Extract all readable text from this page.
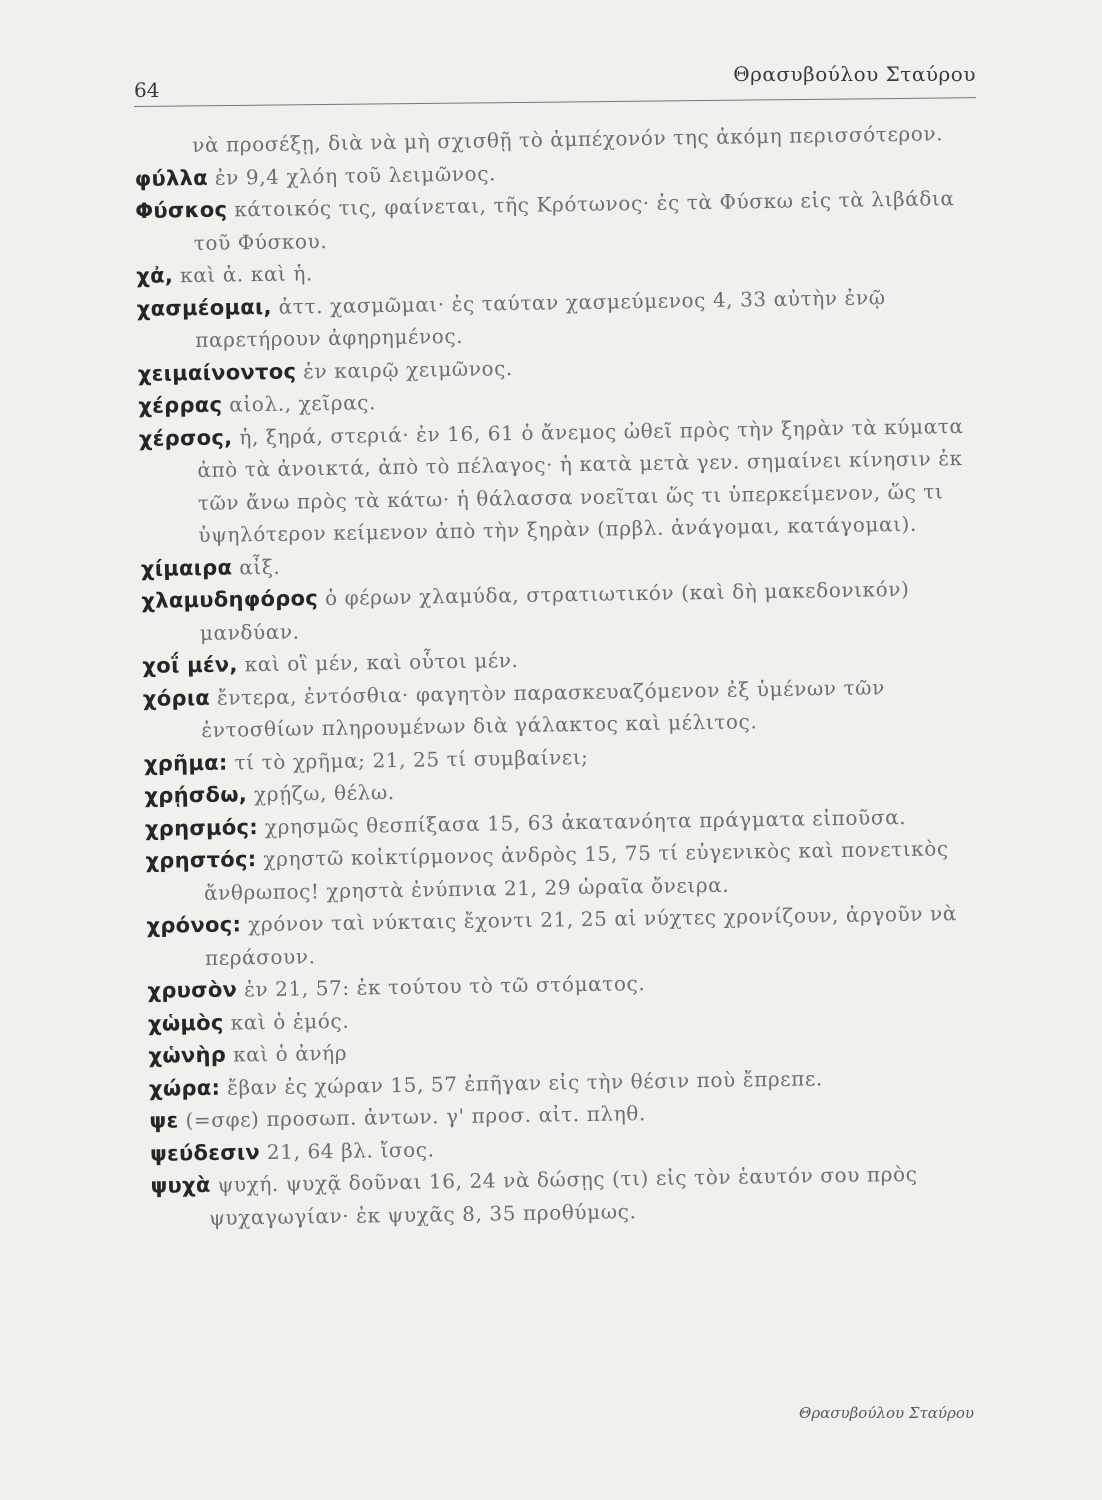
64
Θρασυβούλου Σταύρου

νὰ προσέξῃ, διὰ νὰ μὴ σχισθῇ τὸ ἀμπέχονόν της ἀκόμη περισσότερον.

φύλλα ἐν 9,4 χλόη τοῦ λειμῶνος.

Φύσκος κάτοικός τις, φαίνεται, τῆς Κρότωνος· ἐς τὰ Φύσκω εἰς τὰ λιβάδια τοῦ Φύσκου.

χἀ, καὶ ἁ. καὶ ἡ.

χασμέομαι, ἀττ. χασμῶμαι· ἐς ταύταν χασμεύμενος 4, 33 αὐτὴν ἐνῷ παρετήρουν ἀφηρημένος.

χειμαίνοντος ἐν καιρῷ χειμῶνος.

χέρρας αἰολ., χεῖρας.

χέρσος, ἡ, ξηρά, στεριά· ἐν 16, 61 ὁ ἄνεμος ὠθεῖ πρὸς τὴν ξηρὰν τὰ κύματα ἀπὸ τὰ ἀνοικτά, ἀπὸ τὸ πέλαγος· ἡ κατὰ μετὰ γεν. σημαίνει κίνησιν ἐκ τῶν ἄνω πρὸς τὰ κάτω· ἡ θάλασσα νοεῖται ὥς τι ὑπερκείμενον, ὥς τι ὑψηλότερον κείμενον ἀπὸ τὴν ξηρὰν (πρβλ. ἀνάγομαι, κατάγομαι).

χίμαιρα αἶξ.

χλαμυδηφόρος ὁ φέρων χλαμύδα, στρατιωτικόν (καὶ δὴ μακεδονικόν) μανδύαν.

χοΐ μέν, καὶ οἳ μέν, καὶ οὗτοι μέν.

χόρια ἔντερα, ἐντόσθια· φαγητὸν παρασκευαζόμενον ἐξ ὑμένων τῶν ἐντοσθίων πληρουμένων διὰ γάλακτος καὶ μέλιτος.

χρῆμα: τί τὸ χρῆμα; 21, 25 τί συμβαίνει;

χρῄσδω, χρῄζω, θέλω.

χρησμός: χρησμῶς θεσπίξασα 15, 63 ἀκατανόητα πράγματα εἰποῦσα.

χρηστός: χρηστῶ κοἰκτίρμονος ἀνδρὸς 15, 75 τί εὐγενικὸς καὶ πονετικὸς ἄνθρωπος! χρηστὰ ἐνύπνια 21, 29 ὡραῖα ὄνειρα.

χρόνος: χρόνον ταὶ νύκταις ἔχοντι 21, 25 αἱ νύχτες χρονίζουν, ἀργοῦν νὰ περάσουν.

χρυσὸν ἐν 21, 57: ἐκ τούτου τὸ τῶ στόματος.

χὡμὸς καὶ ὁ ἐμός.

χὡνὴρ καὶ ὁ ἀνήρ

χώρα: ἔβαν ἐς χώραν 15, 57 ἐπῆγαν εἰς τὴν θέσιν ποὺ ἔπρεπε.

ψε (=σφε) προσωπ. ἀντων. γ' προσ. αἰτ. πληθ.

ψεύδεσιν 21, 64 βλ. ἴσος.

ψυχὰ ψυχή. ψυχᾷ δοῦναι 16, 24 νὰ δώσῃς (τι) εἰς τὸν ἑαυτόν σου πρὸς ψυχαγωγίαν· ἐκ ψυχᾶς 8, 35 προθύμως.

Θρασυβούλου Σταύρου
